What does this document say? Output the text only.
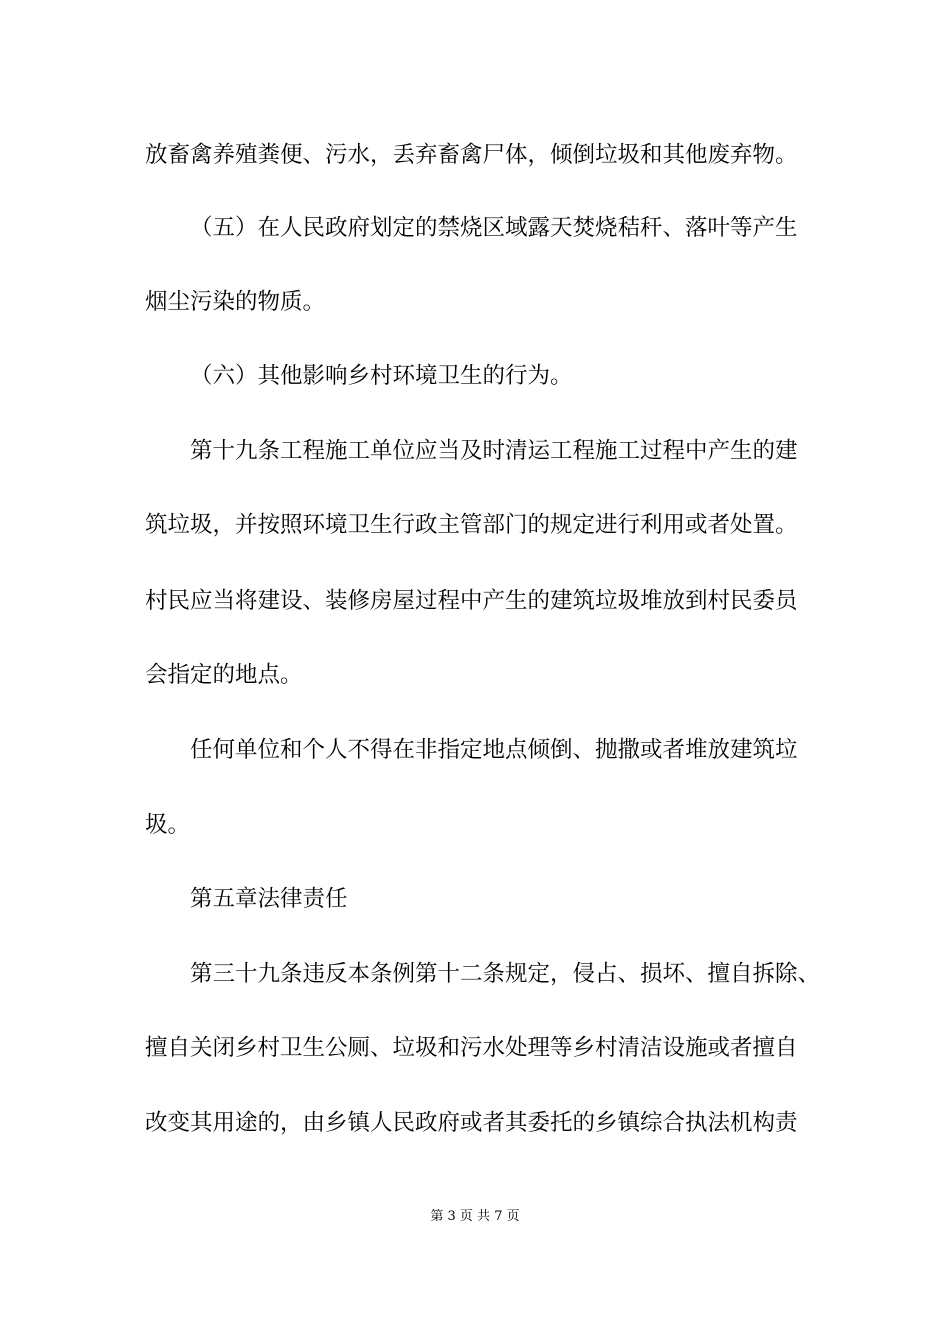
放畜禽养殖粪便、污水，丢弃畜禽尸体，倾倒垃圾和其他废弃物。
（五）在人民政府划定的禁烧区域露天焚烧秸秆、落叶等产生
烟尘污染的物质。
（六）其他影响乡村环境卫生的行为。
第十九条工程施工单位应当及时清运工程施工过程中产生的建
筑垃圾，并按照环境卫生行政主管部门的规定进行利用或者处置。
村民应当将建设、装修房屋过程中产生的建筑垃圾堆放到村民委员
会指定的地点。
任何单位和个人不得在非指定地点倾倒、抛撒或者堆放建筑垃
圾。
第五章法律责任
第三十九条违反本条例第十二条规定，侵占、损坏、擅自拆除、
擅自关闭乡村卫生公厕、垃圾和污水处理等乡村清洁设施或者擅自
改变其用途的，由乡镇人民政府或者其委托的乡镇综合执法机构责
第 3 页 共 7 页
